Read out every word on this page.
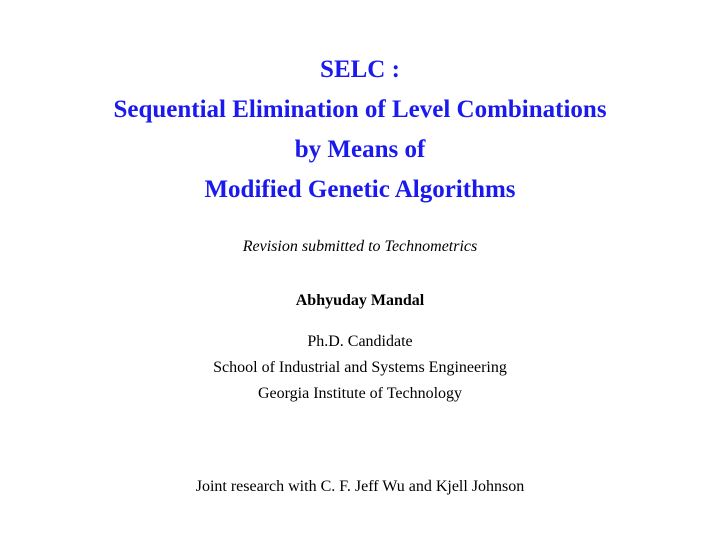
SELC :
Sequential Elimination of Level Combinations
by Means of
Modified Genetic Algorithms
Revision submitted to Technometrics
Abhyuday Mandal
Ph.D. Candidate
School of Industrial and Systems Engineering
Georgia Institute of Technology
Joint research with C. F. Jeff Wu and Kjell Johnson
